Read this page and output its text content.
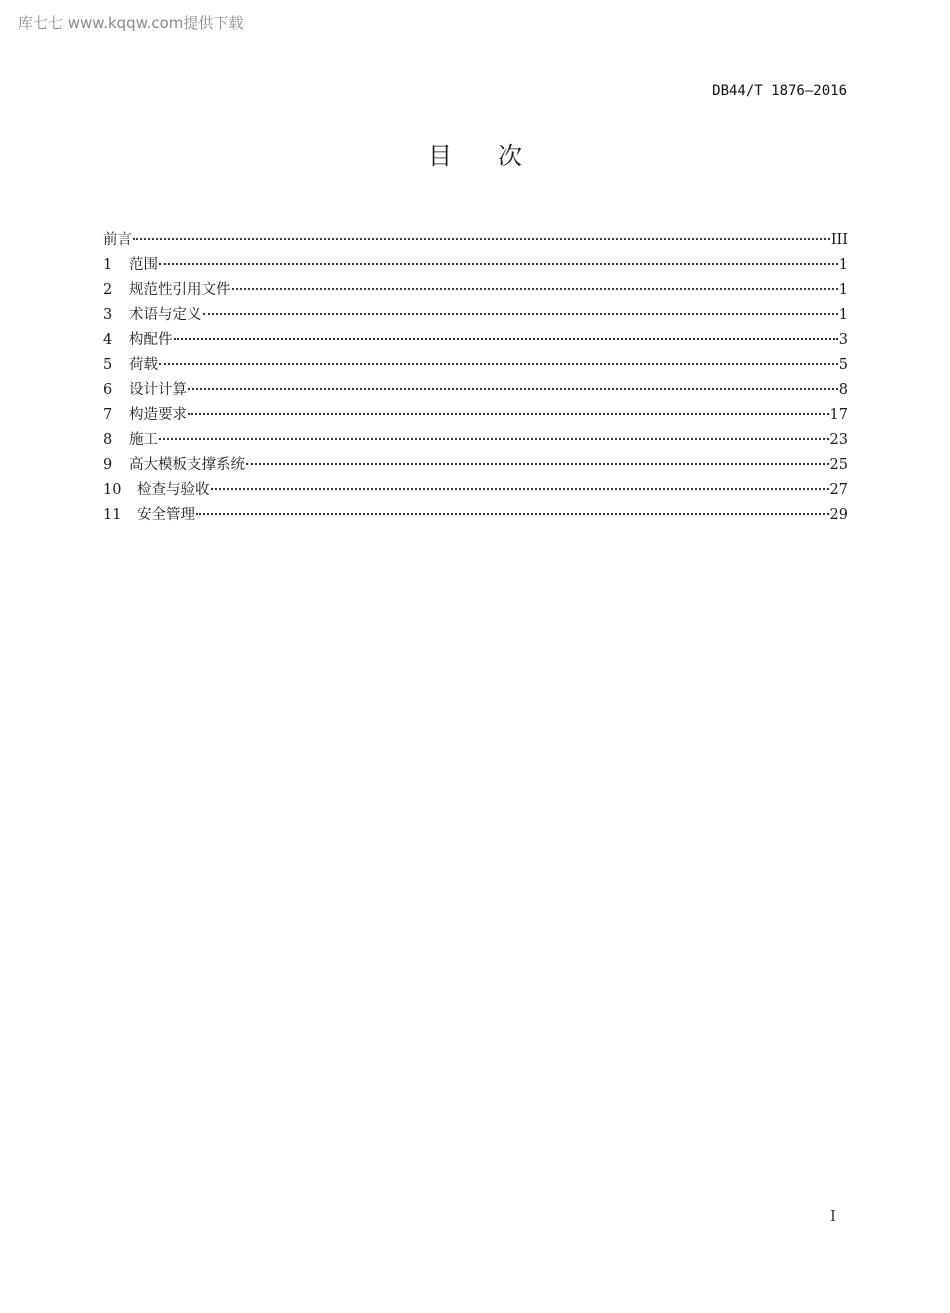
库七七 www.kqqw.com提供下载
DB44/T 1876—2016
目 次
前言	III
1	范围	1
2	规范性引用文件	1
3	术语与定义	1
4	构配件	3
5	荷载	5
6	设计计算	8
7	构造要求	17
8	施工	23
9	高大模板支撑系统	25
10	检查与验收	27
11	安全管理	29
I
